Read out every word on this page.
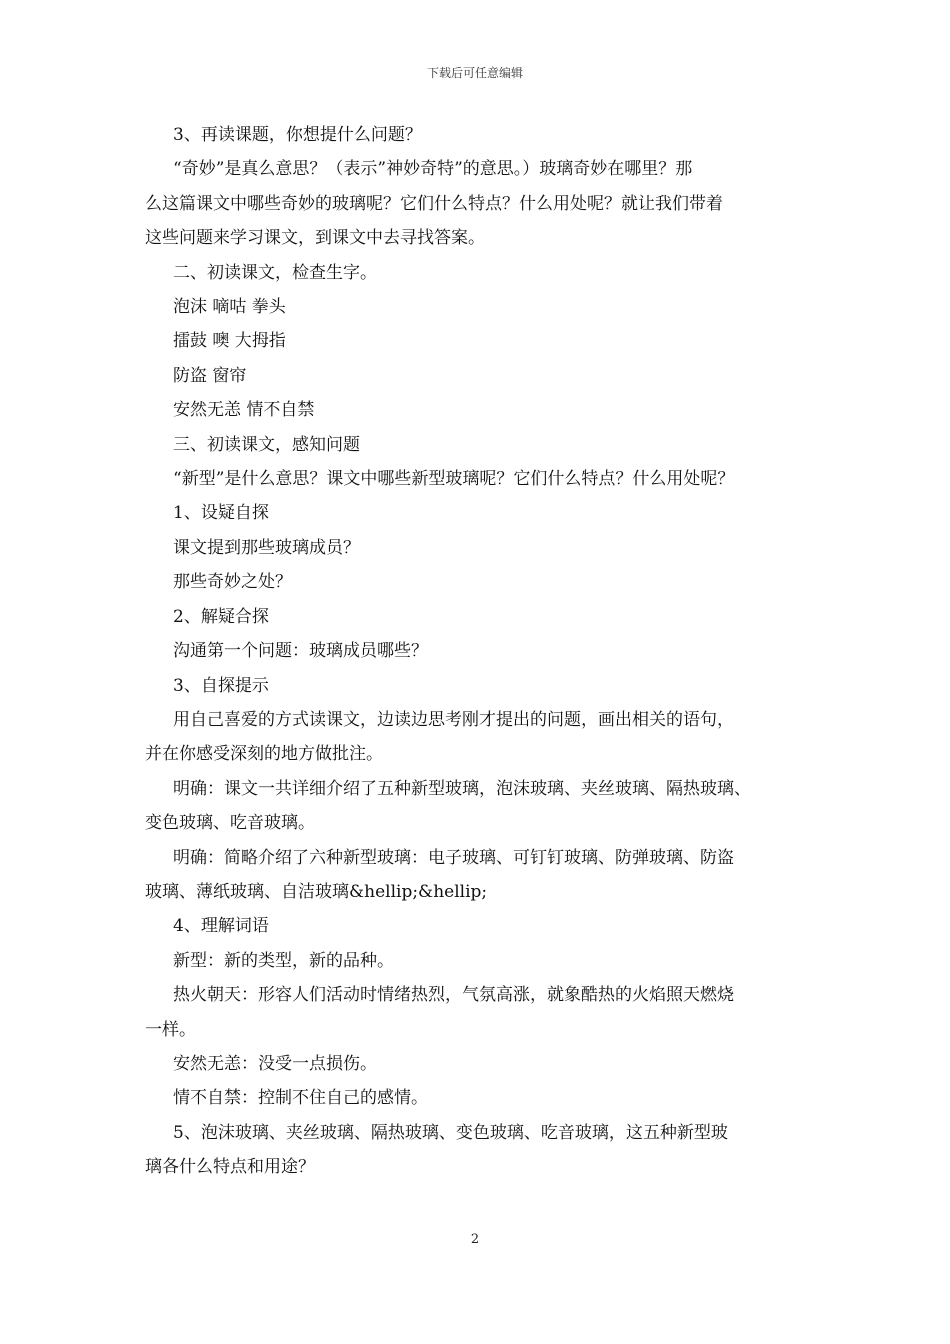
下载后可任意编辑

3、再读课题，你想提什么问题？

“奇妙”是真么意思？（表示”神妙奇特”的意思。）玻璃奇妙在哪里？那

么这篇课文中哪些奇妙的玻璃呢？它们什么特点？什么用处呢？就让我们带着

这些问题来学习课文，到课文中去寻找答案。

二、初读课文，检查生字。

泡沫 嘀咕 拳头

擂鼓 噢 大拇指

防盗 窗帘

安然无恙 情不自禁

三、初读课文，感知问题

“新型”是什么意思？课文中哪些新型玻璃呢？它们什么特点？什么用处呢？

1、设疑自探

课文提到那些玻璃成员？

那些奇妙之处？

2、解疑合探

沟通第一个问题：玻璃成员哪些？

3、自探提示

用自己喜爱的方式读课文，边读边思考刚才提出的问题，画出相关的语句，

并在你感受深刻的地方做批注。

明确：课文一共详细介绍了五种新型玻璃，泡沫玻璃、夹丝玻璃、隔热玻璃、

变色玻璃、吃音玻璃。

明确：简略介绍了六种新型玻璃：电子玻璃、可钉钉玻璃、防弹玻璃、防盗

玻璃、薄纸玻璃、自洁玻璃&hellip;&hellip;

4、理解词语

新型：新的类型，新的品种。

热火朝天：形容人们活动时情绪热烈，气氛高涨，就象酷热的火焰照天燃烧

一样。

安然无恙：没受一点损伤。

情不自禁：控制不住自己的感情。

5、泡沫玻璃、夹丝玻璃、隔热玻璃、变色玻璃、吃音玻璃，这五种新型玻

璃各什么特点和用途？

2
